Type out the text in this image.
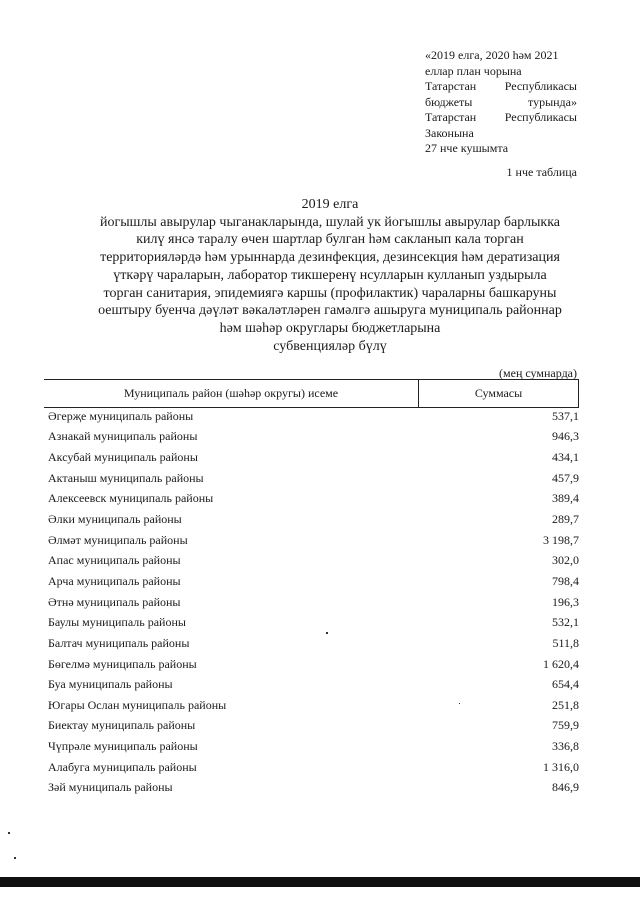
«2019 елга, 2020 һәм 2021
еллар план чорына
Татарстан Республикасы
бюджеты	турында»
Татарстан Республикасы
Законына
27 нче кушымта
1 нче таблица
2019 елга
йогышлы авырулар чыганакларында, шулай ук йогышлы авырулар барлыкка
килү янсә таралу өчен шартлар булган һәм сакланып кала торган
территорияләрдә һәм урыннарда дезинфекция, дезинсекция һәм дератизация
үткәрү чараларын, лаборатор тикшеренү нсулларын кулланып уздырыла
торган санитария, эпидемиягә каршы (профилактик) чараларны башкаруны
оештыру буенча дәүләт вәкаләтләрен гамәлгә ашыруга муниципаль районнар
һәм шәһәр округлары бюджетларына
субвенцияләр бүлү
(мең сумнарда)
Муниципаль район (шәһәр округы) исеме	Суммасы
Әгерҗе муниципаль районы	537,1
Азнакай муниципаль районы	946,3
Аксубай муниципаль районы	434,1
Актаныш муниципаль районы	457,9
Алексеевск муниципаль районы	389,4
Әлки муниципаль районы	289,7
Әлмәт муниципаль районы	3 198,7
Апас муниципаль районы	302,0
Арча муниципаль районы	798,4
Әтнә муниципаль районы	196,3
Баулы муниципаль районы	532,1
Балтач муниципаль районы	511,8
Бөгелмә муниципаль районы	1 620,4
Буа муниципаль районы	654,4
Югары Ослан муниципаль районы	251,8
Биектау муниципаль районы	759,9
Чүпрәле муниципаль районы	336,8
Алабуга муниципаль районы	1 316,0
Зәй муниципаль районы	846,9
